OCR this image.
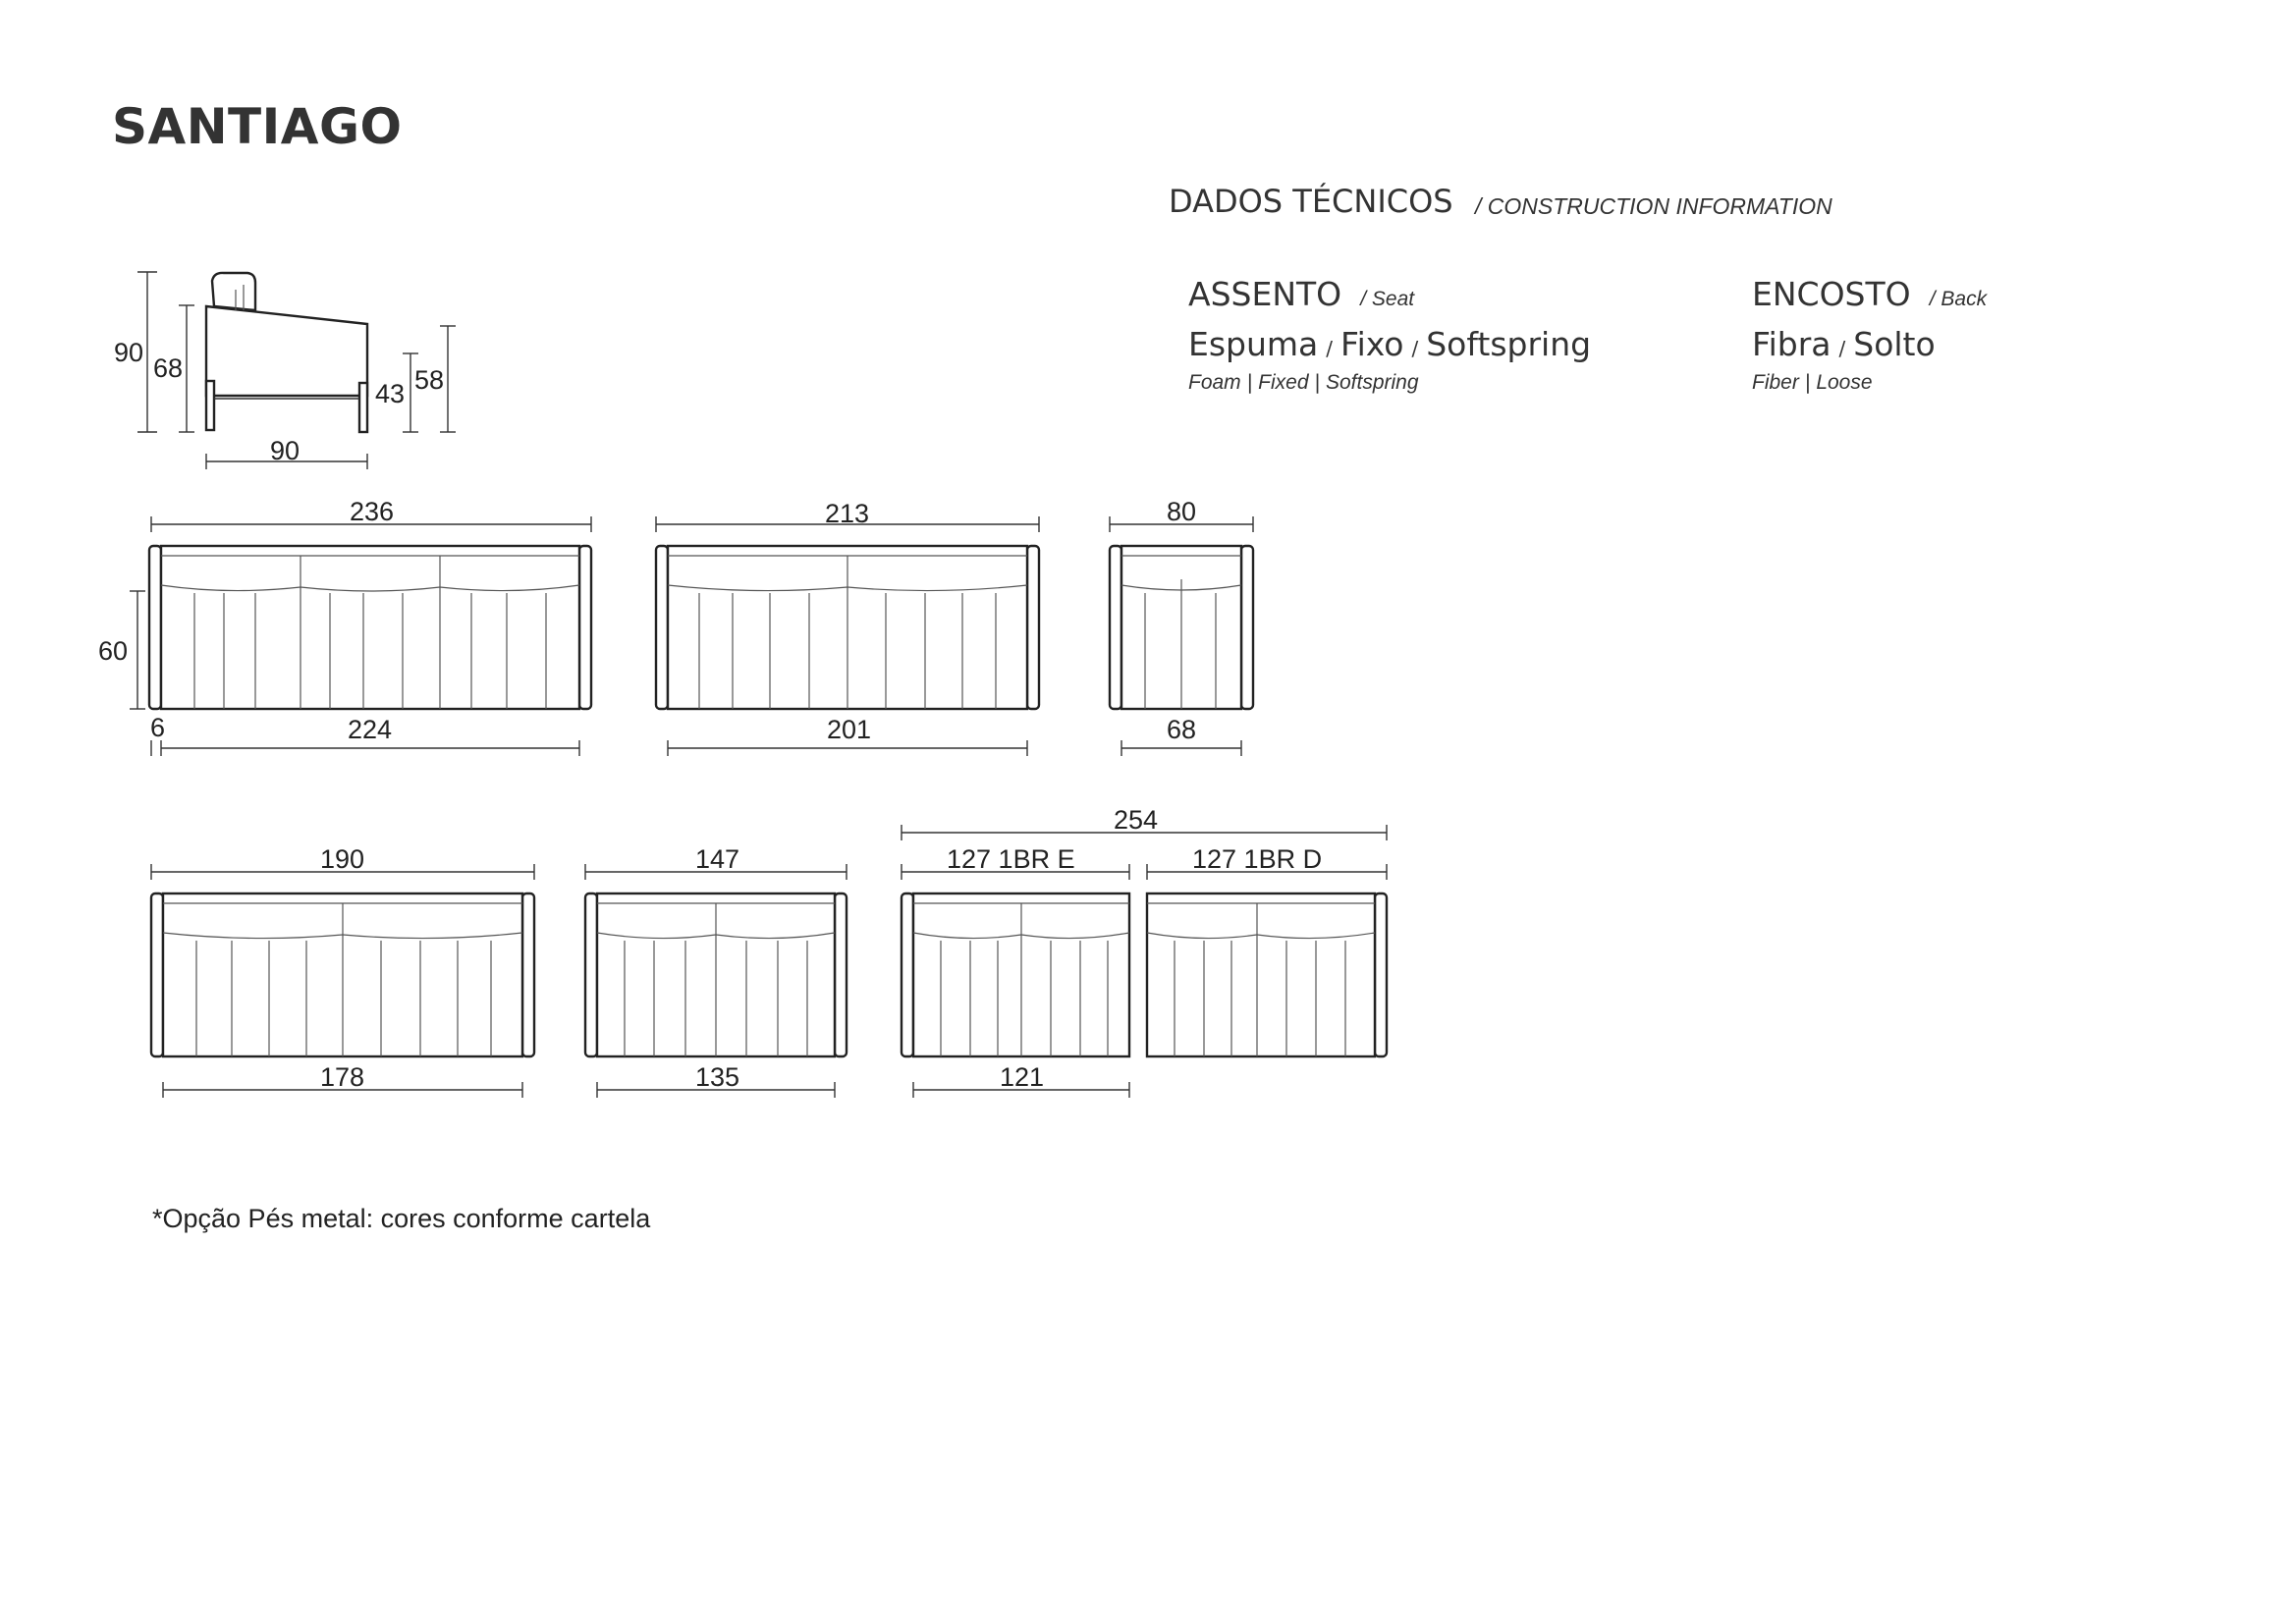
SANTIAGO
DADOS TÉCNICOS / CONSTRUCTION INFORMATION
ASSENTO / Seat
Espuma / Fixo / Softspring
Foam | Fixed | Softspring
ENCOSTO / Back
Fibra / Solto
Fiber | Loose
90
68
43 58
90
236
224
6
60
213
201
80
68
190
178
147
135
254
127 1BR E	127 1BR D
121
*Opção Pés metal: cores conforme cartela
